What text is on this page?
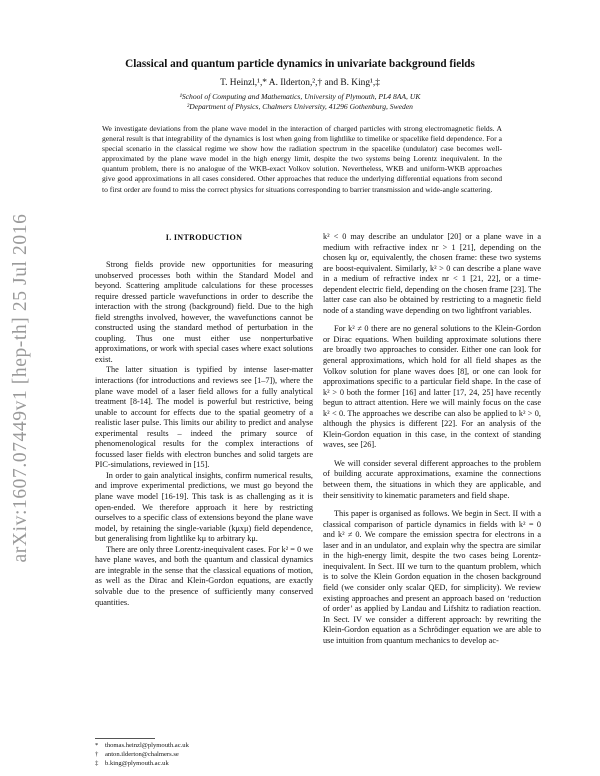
arXiv:1607.07449v1 [hep-th] 25 Jul 2016
Classical and quantum particle dynamics in univariate background fields
T. Heinzl,¹,* A. Ilderton,²,† and B. King¹,‡
¹School of Computing and Mathematics, University of Plymouth, PL4 8AA, UK
²Department of Physics, Chalmers University, 41296 Gothenburg, Sweden
We investigate deviations from the plane wave model in the interaction of charged particles with strong electromagnetic fields. A general result is that integrability of the dynamics is lost when going from lightlike to timelike or spacelike field dependence. For a special scenario in the classical regime we show how the radiation spectrum in the spacelike (undulator) case becomes well-approximated by the plane wave model in the high energy limit, despite the two systems being Lorentz inequivalent. In the quantum problem, there is no analogue of the WKB-exact Volkov solution. Nevertheless, WKB and uniform-WKB approaches give good approximations in all cases considered. Other approaches that reduce the underlying differential equations from second to first order are found to miss the correct physics for situations corresponding to barrier transmission and wide-angle scattering.
I. INTRODUCTION

Strong fields provide new opportunities for measuring unobserved processes both within the Standard Model and beyond. Scattering amplitude calculations for these processes require dressed particle wavefunctions in order to describe the interaction with the strong (background) field. Due to the high field strengths involved, however, the wavefunctions cannot be constructed using the standard method of perturbation in the coupling. Thus one must either use nonperturbative approximations, or work with special cases where exact solutions exist.

The latter situation is typified by intense laser-matter interactions (for introductions and reviews see [1–7]), where the plane wave model of a laser field allows for a fully analytical treatment [8-14]. The model is powerful but restrictive, being unable to account for effects due to the spatial geometry of a realistic laser pulse. This limits our ability to predict and analyse experimental results – indeed the primary source of phenomenological results for the complex interactions of focussed laser fields with electron bunches and solid targets are PIC-simulations, reviewed in [15].

In order to gain analytical insights, confirm numerical results, and improve experimental predictions, we must go beyond the plane wave model [16-19]. This task is as challenging as it is open-ended. We therefore approach it here by restricting ourselves to a specific class of extensions beyond the plane wave model, by retaining the single-variable (kμxμ) field dependence, but generalising from lightlike kμ to arbitrary kμ.

There are only three Lorentz-inequivalent cases. For k² = 0 we have plane waves, and both the quantum and classical dynamics are integrable in the sense that the classical equations of motion, as well as the Dirac and Klein-Gordon equations, are exactly solvable due to the presence of sufficiently many conserved quantities.

k² < 0 may describe an undulator [20] or a plane wave in a medium with refractive index nr > 1 [21], depending on the chosen kμ or, equivalently, the chosen frame: these two systems are boost-equivalent. Similarly, k² > 0 can describe a plane wave in a medium of refractive index nr < 1 [21, 22], or a time-dependent electric field, depending on the chosen frame [23]. The latter case can also be obtained by restricting to a magnetic field node of a standing wave depending on two lightfront variables.

For k² ≠ 0 there are no general solutions to the Klein-Gordon or Dirac equations. When building approximate solutions there are broadly two approaches to consider. Either one can look for general approximations, which hold for all field shapes as the Volkov solution for plane waves does [8], or one can look for approximations specific to a particular field shape. In the case of k² > 0 both the former [16] and latter [17, 24, 25] have recently begun to attract attention. Here we will mainly focus on the case k² < 0. The approaches we describe can also be applied to k² > 0, although the physics is different [22]. For an analysis of the Klein-Gordon equation in this case, in the context of standing waves, see [26].

We will consider several different approaches to the problem of building accurate approximations, examine the connections between them, the situations in which they are applicable, and their sensitivity to kinematic parameters and field shape.

This paper is organised as follows. We begin in Sect. II with a classical comparison of particle dynamics in fields with k² = 0 and k² ≠ 0. We compare the emission spectra for electrons in a laser and in an undulator, and explain why the spectra are similar in the high-energy limit, despite the two cases being Lorentz-inequivalent. In Sect. III we turn to the quantum problem, which is to solve the Klein Gordon equation in the chosen background field (we consider only scalar QED, for simplicity). We review existing approaches and present an approach based on ‘reduction of order’ as applied by Landau and Lifshitz to radiation reaction. In Sect. IV we consider a different approach: by rewriting the Klein-Gordon equation as a Schrödinger equation we are able to use intuition from quantum mechanics to develop ac-

* thomas.heinzl@plymouth.ac.uk
† anton.ilderton@chalmers.se
‡ b.king@plymouth.ac.uk
